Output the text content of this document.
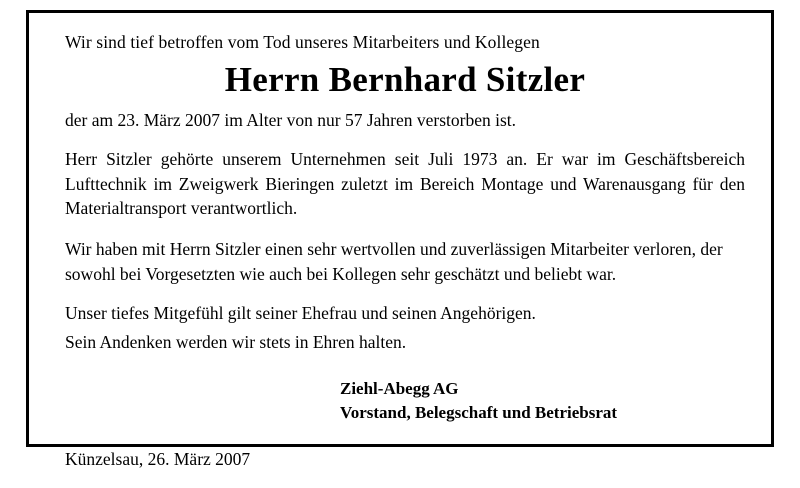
Wir sind tief betroffen vom Tod unseres Mitarbeiters und Kollegen

Herrn Bernhard Sitzler

der am 23. März 2007 im Alter von nur 57 Jahren verstorben ist.

Herr Sitzler gehörte unserem Unternehmen seit Juli 1973 an. Er war im Geschäftsbereich Lufttechnik im Zweigwerk Bieringen zuletzt im Bereich Montage und Warenausgang für den Materialtransport verantwortlich.

Wir haben mit Herrn Sitzler einen sehr wertvollen und zuverlässigen Mitarbeiter verloren, der sowohl bei Vorgesetzten wie auch bei Kollegen sehr geschätzt und beliebt war.

Unser tiefes Mitgefühl gilt seiner Ehefrau und seinen Angehörigen.

Sein Andenken werden wir stets in Ehren halten.

Ziehl-Abegg AG
Vorstand, Belegschaft und Betriebsrat

Künzelsau, 26. März 2007
